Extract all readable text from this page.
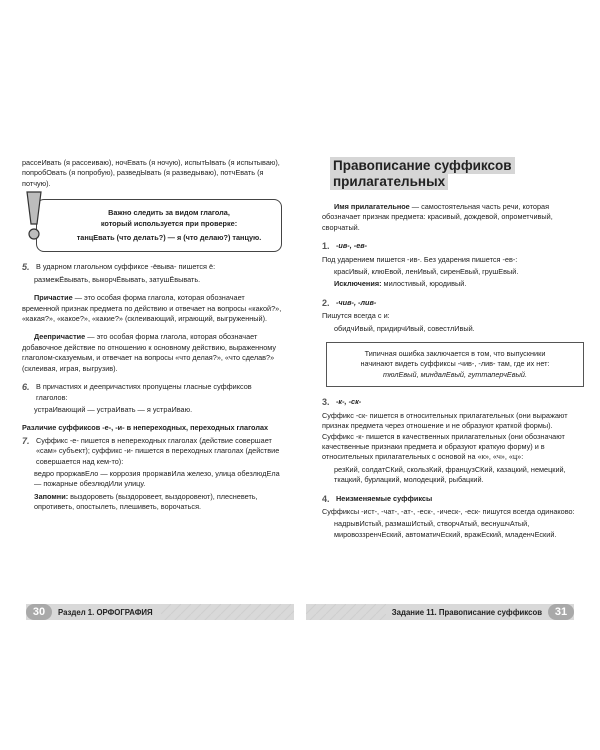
рассеИвать (я рассеиваю), ночЕвать (я ночую), испытЫвать (я испытываю), попробОвать (я попробую), разведЫвать (я разведываю), потчЕвать (я потчую).

Важно следить за видом глагола,

который используется при проверке:

танцЕвать (что делать?) — я (что делаю?) танцую.

5. В ударном глагольном суффиксе -ёвыва- пишется ё:

размежЁвывать, выкорчЁвывать, затушЁвывать.

Причастие — это особая форма глагола, которая обозначает временной признак предмета по действию и отвечает на вопросы «какой?», «какая?», «какое?», «какие?» (склеивающий, играющий, выгруженный).

Деепричастие — это особая форма глагола, которая обозначает добавочное действие по отношению к основному действию, выраженному глаголом-сказуемым, и отвечает на вопросы «что делая?», «что сделав?» (склеивая, играя, выгрузив).

6. В причастиях и деепричастиях пропущены гласные суффиксов глаголов:

устраИвающий — устраИвать — я устраИваю.

Различие суффиксов -е-, -и- в непереходных, переходных глаголах

7. Суффикс -е- пишется в непереходных глаголах (действие совершает «сам» субъект); суффикс -и- пишется в переходных глаголах (действие совершается над кем-то):

ведро проржавЕло — коррозия проржавИла железо, улица обезлюдЕла — пожарные обезлюдИли улицу.

Запомни: выздороветь (выздоровеет, выздоровеют), плесневеть, опротиветь, опостылеть, плешиветь, ворочаться.

Правописание суффиксов прилагательных

Имя прилагательное — самостоятельная часть речи, которая обозначает признак предмета: красивый, дождевой, опрометчивый, сворчатый.

1. -ив-, -ев-

Под ударением пишется -ив-. Без ударения пишется -ев-:

красИвый, клюЕвой, ленИвый, сиренЕвый, грушЕвый.

Исключения: милостивый, юродивый.

2. -чив-, -лив-

Пишутся всегда с и:

обидчИвый, придирчИвый, совестлИвый.

Типичная ошибка заключается в том, что выпускники

начинают видеть суффиксы -чив-, -лив- там, где их нет:

тюлЕвый, миндалЕвый, гуттаперчЕвый.

3. -к-, -ск-

Суффикс -ск- пишется в относительных прилагательных (они выражают признак предмета через отношение и не образуют краткой формы). Суффикс -к- пишется в качественных прилагательных (они обозначают качественные признаки предмета и образуют краткую форму) и в относительных прилагательных с основой на «к», «ч», «ц»:

резКий, солдатСКий, скользКий, французСКий, казацкий, немецкий, ткацкий, бурлацкий, молодецкий, рыбацкий.

4. Неизменяемые суффиксы

Суффиксы -ист-, -чат-, -ат-, -еск-, -ическ-, -еск- пишутся всегда одинаково:

надрывИстый, размашИстый, створчАтый, веснушчАтый, мировоззренчЕский, автоматичЕский, вражЕский, младенчЕский.

30	Раздел 1. ОРФОГРАФИЯ	Задание 11. Правописание суффиксов	31
